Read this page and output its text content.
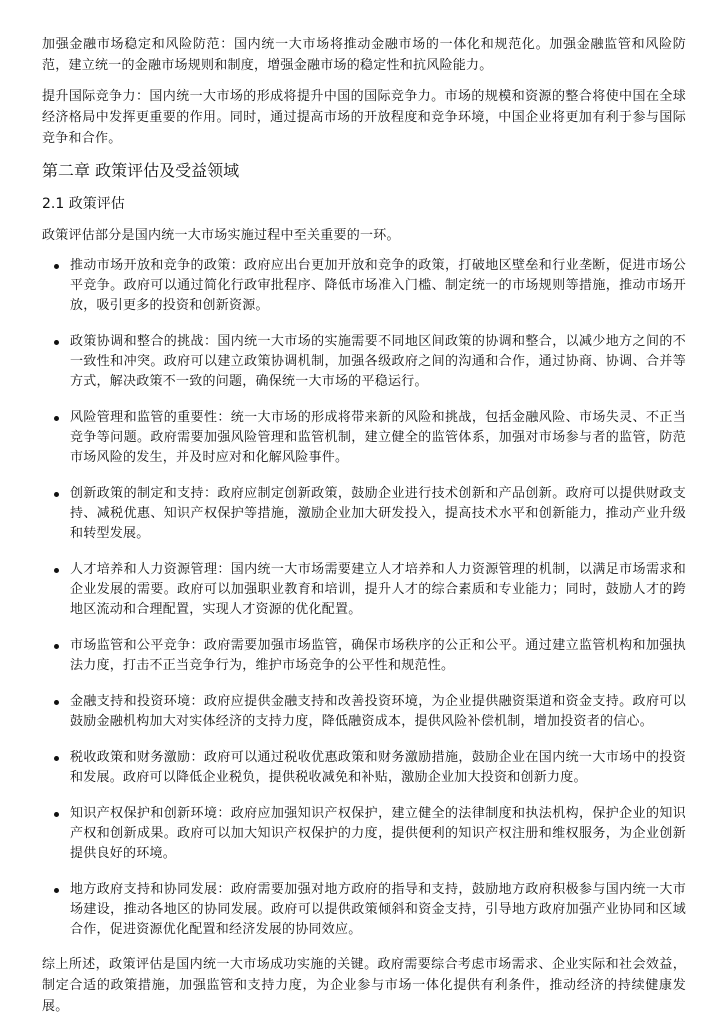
加强金融市场稳定和风险防范：国内统一大市场将推动金融市场的一体化和规范化。加强金融监管和风险防范，建立统一的金融市场规则和制度，增强金融市场的稳定性和抗风险能力。

提升国际竞争力：国内统一大市场的形成将提升中国的国际竞争力。市场的规模和资源的整合将使中国在全球经济格局中发挥更重要的作用。同时，通过提高市场的开放程度和竞争环境，中国企业将更加有利于参与国际竞争和合作。

第二章 政策评估及受益领域
2.1 政策评估

政策评估部分是国内统一大市场实施过程中至关重要的一环。

推动市场开放和竞争的政策：政府应出台更加开放和竞争的政策，打破地区壁垒和行业垄断，促进市场公平竞争。政府可以通过简化行政审批程序、降低市场准入门槛、制定统一的市场规则等措施，推动市场开放，吸引更多的投资和创新资源。
政策协调和整合的挑战：国内统一大市场的实施需要不同地区间政策的协调和整合，以减少地方之间的不一致性和冲突。政府可以建立政策协调机制，加强各级政府之间的沟通和合作，通过协商、协调、合并等方式，解决政策不一致的问题，确保统一大市场的平稳运行。
风险管理和监管的重要性：统一大市场的形成将带来新的风险和挑战，包括金融风险、市场失灵、不正当竞争等问题。政府需要加强风险管理和监管机制，建立健全的监管体系，加强对市场参与者的监管，防范市场风险的发生，并及时应对和化解风险事件。
创新政策的制定和支持：政府应制定创新政策，鼓励企业进行技术创新和产品创新。政府可以提供财政支持、减税优惠、知识产权保护等措施，激励企业加大研发投入，提高技术水平和创新能力，推动产业升级和转型发展。
人才培养和人力资源管理：国内统一大市场需要建立人才培养和人力资源管理的机制，以满足市场需求和企业发展的需要。政府可以加强职业教育和培训，提升人才的综合素质和专业能力；同时，鼓励人才的跨地区流动和合理配置，实现人才资源的优化配置。
市场监管和公平竞争：政府需要加强市场监管，确保市场秩序的公正和公平。通过建立监管机构和加强执法力度，打击不正当竞争行为，维护市场竞争的公平性和规范性。
金融支持和投资环境：政府应提供金融支持和改善投资环境，为企业提供融资渠道和资金支持。政府可以鼓励金融机构加大对实体经济的支持力度，降低融资成本，提供风险补偿机制，增加投资者的信心。
税收政策和财务激励：政府可以通过税收优惠政策和财务激励措施，鼓励企业在国内统一大市场中的投资和发展。政府可以降低企业税负，提供税收减免和补贴，激励企业加大投资和创新力度。
知识产权保护和创新环境：政府应加强知识产权保护，建立健全的法律制度和执法机构，保护企业的知识产权和创新成果。政府可以加大知识产权保护的力度，提供便利的知识产权注册和维权服务，为企业创新提供良好的环境。
地方政府支持和协同发展：政府需要加强对地方政府的指导和支持，鼓励地方政府积极参与国内统一大市场建设，推动各地区的协同发展。政府可以提供政策倾斜和资金支持，引导地方政府加强产业协同和区域合作，促进资源优化配置和经济发展的协同效应。

综上所述，政策评估是国内统一大市场成功实施的关键。政府需要综合考虑市场需求、企业实际和社会效益，制定合适的政策措施，加强监管和支持力度，为企业参与市场一体化提供有利条件，推动经济的持续健康发展。
